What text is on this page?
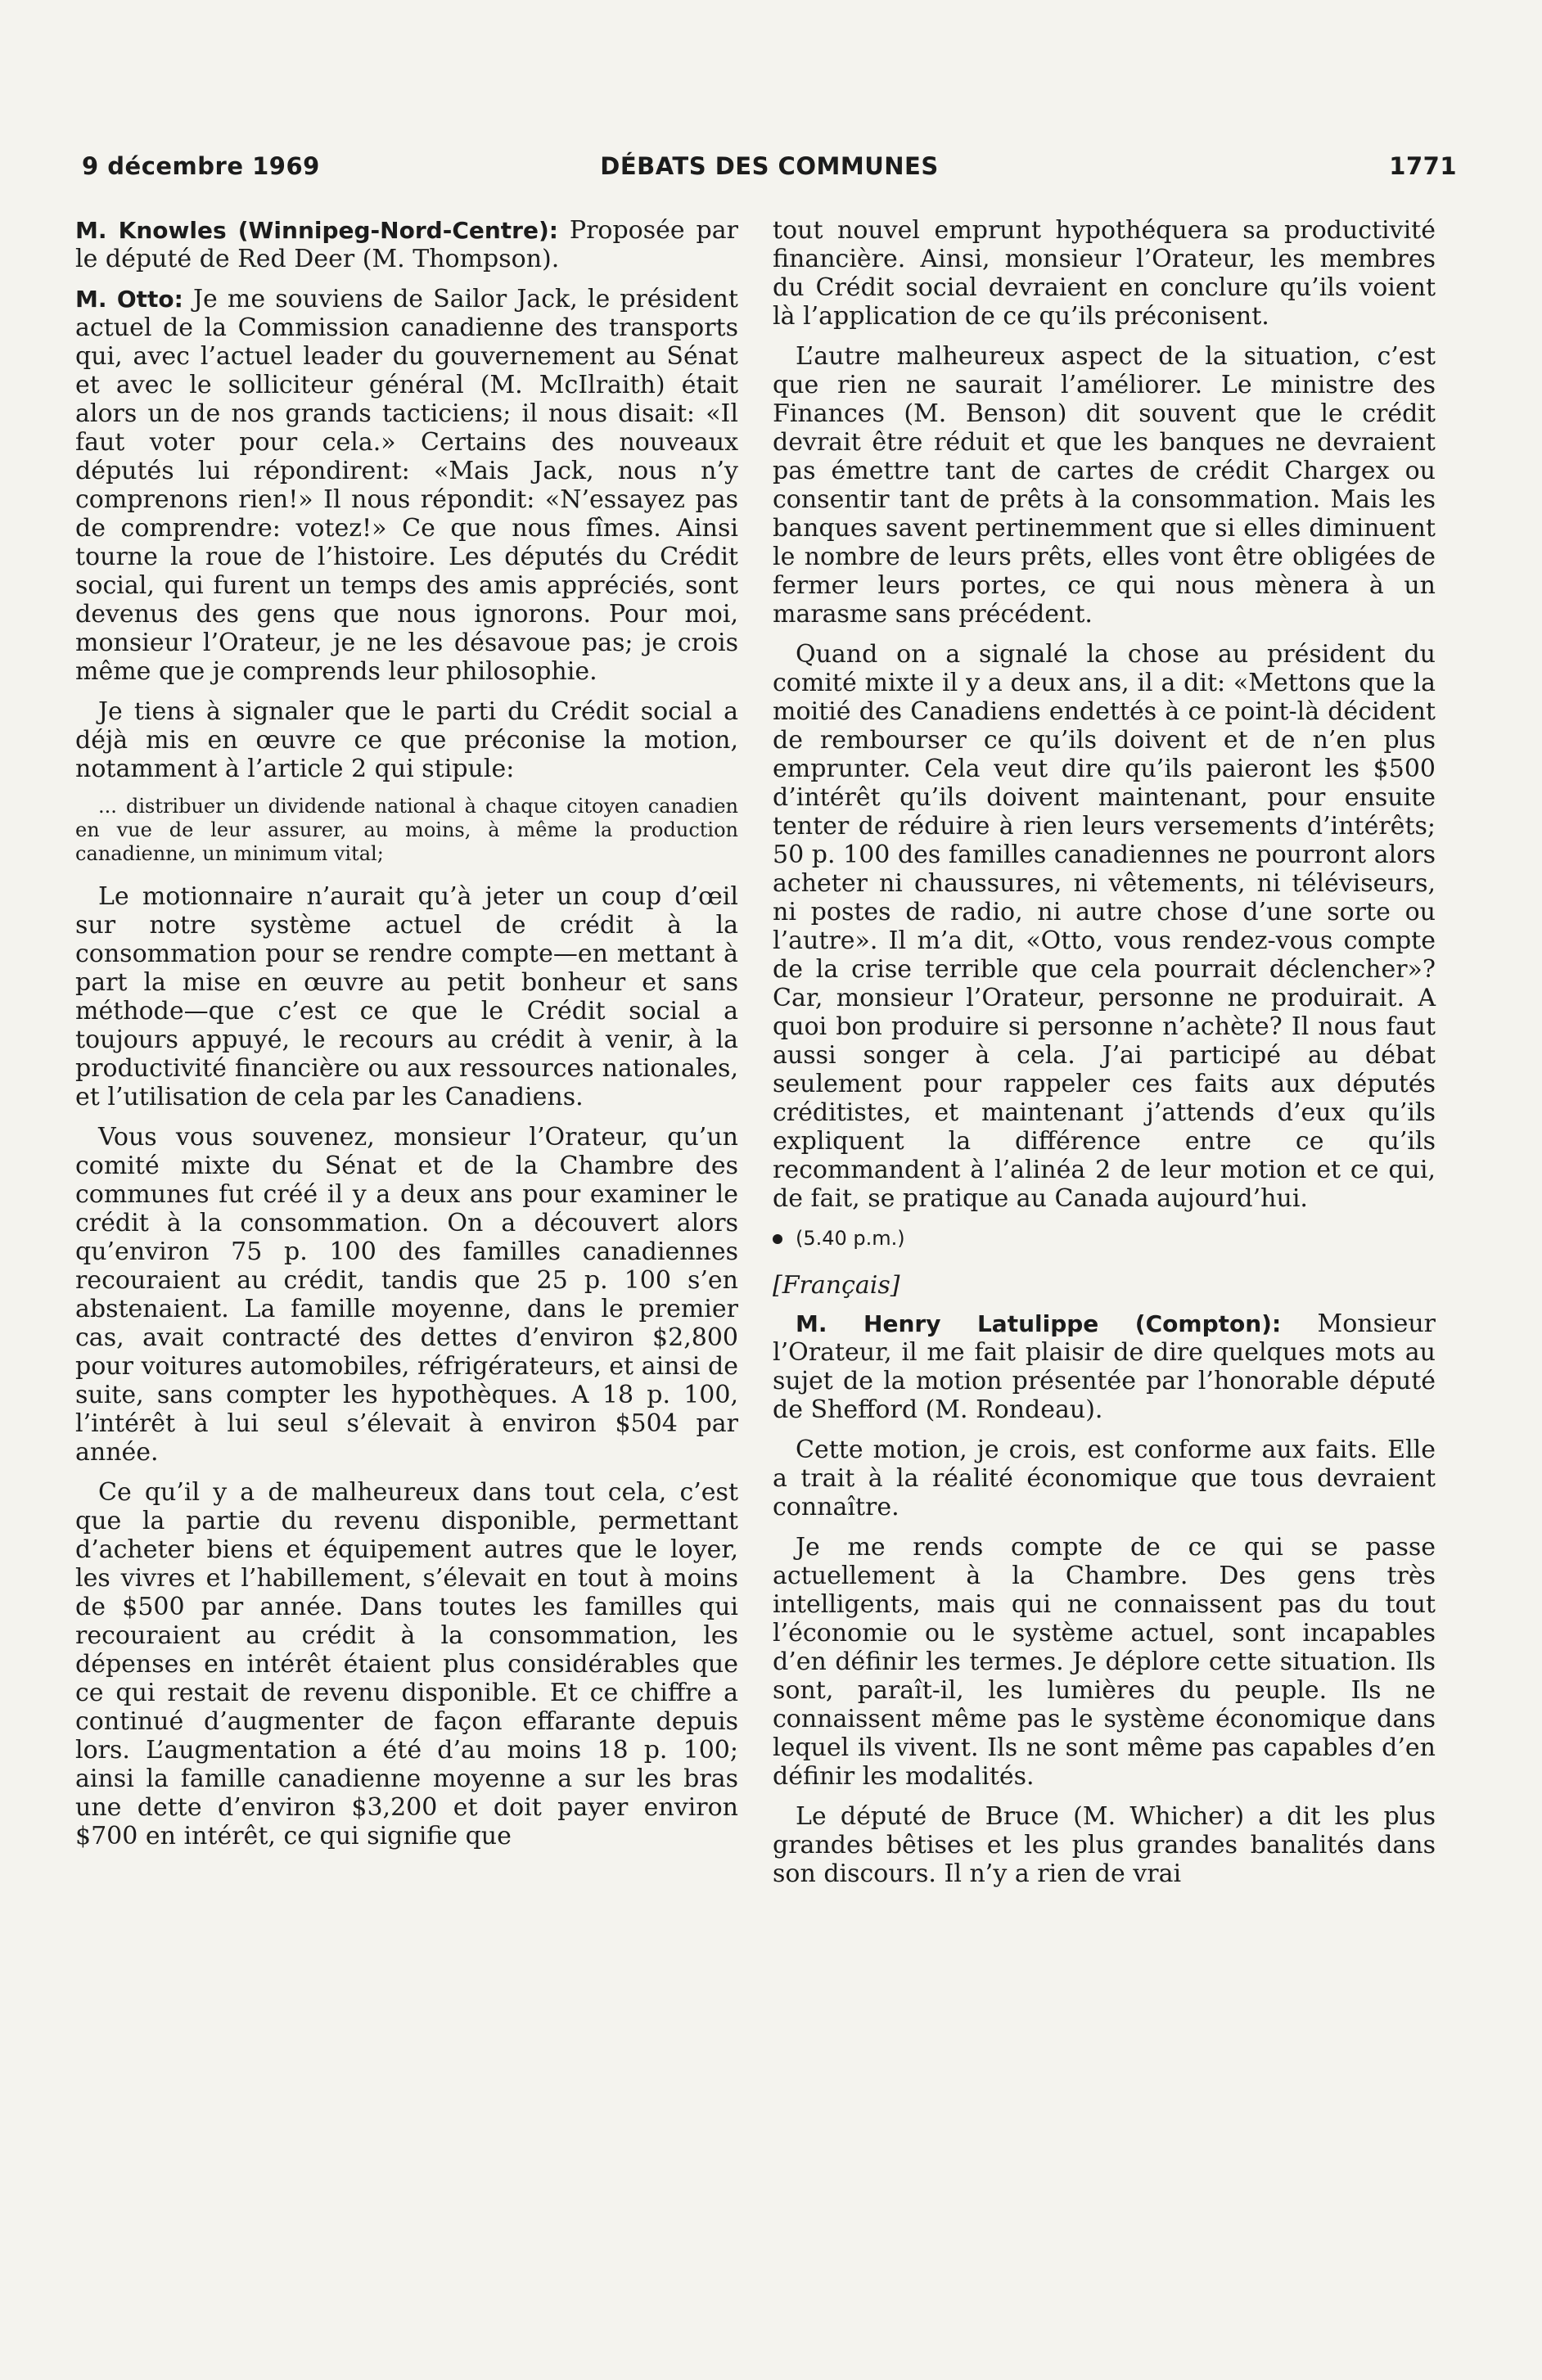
9 décembre 1969	DÉBATS DES COMMUNES	1771

M. Knowles (Winnipeg-Nord-Centre): Proposée par le député de Red Deer (M. Thompson).

M. Otto: Je me souviens de Sailor Jack, le président actuel de la Commission canadienne des transports qui, avec l’actuel leader du gouvernement au Sénat et avec le solliciteur général (M. McIlraith) était alors un de nos grands tacticiens; il nous disait: «Il faut voter pour cela.» Certains des nouveaux députés lui répondirent: «Mais Jack, nous n’y comprenons rien!» Il nous répondit: «N’essayez pas de comprendre: votez!» Ce que nous fîmes. Ainsi tourne la roue de l’histoire. Les députés du Crédit social, qui furent un temps des amis appréciés, sont devenus des gens que nous ignorons. Pour moi, monsieur l’Orateur, je ne les désavoue pas; je crois même que je comprends leur philosophie.

Je tiens à signaler que le parti du Crédit social a déjà mis en œuvre ce que préconise la motion, notamment à l’article 2 qui stipule:

... distribuer un dividende national à chaque citoyen canadien en vue de leur assurer, au moins, à même la production canadienne, un minimum vital;

Le motionnaire n’aurait qu’à jeter un coup d’œil sur notre système actuel de crédit à la consommation pour se rendre compte—en mettant à part la mise en œuvre au petit bonheur et sans méthode—que c’est ce que le Crédit social a toujours appuyé, le recours au crédit à venir, à la productivité financière ou aux ressources nationales, et l’utilisation de cela par les Canadiens.

Vous vous souvenez, monsieur l’Orateur, qu’un comité mixte du Sénat et de la Chambre des communes fut créé il y a deux ans pour examiner le crédit à la consommation. On a découvert alors qu’environ 75 p. 100 des familles canadiennes recouraient au crédit, tandis que 25 p. 100 s’en abstenaient. La famille moyenne, dans le premier cas, avait contracté des dettes d’environ $2,800 pour voitures automobiles, réfrigérateurs, et ainsi de suite, sans compter les hypothèques. A 18 p. 100, l’intérêt à lui seul s’élevait à environ $504 par année.

Ce qu’il y a de malheureux dans tout cela, c’est que la partie du revenu disponible, permettant d’acheter biens et équipement autres que le loyer, les vivres et l’habillement, s’élevait en tout à moins de $500 par année. Dans toutes les familles qui recouraient au crédit à la consommation, les dépenses en intérêt étaient plus considérables que ce qui restait de revenu disponible. Et ce chiffre a continué d’augmenter de façon effarante depuis lors. L’augmentation a été d’au moins 18 p. 100; ainsi la famille canadienne moyenne a sur les bras une dette d’environ $3,200 et doit payer environ $700 en intérêt, ce qui signifie que

tout nouvel emprunt hypothéquera sa productivité financière. Ainsi, monsieur l’Orateur, les membres du Crédit social devraient en conclure qu’ils voient là l’application de ce qu’ils préconisent.

L’autre malheureux aspect de la situation, c’est que rien ne saurait l’améliorer. Le ministre des Finances (M. Benson) dit souvent que le crédit devrait être réduit et que les banques ne devraient pas émettre tant de cartes de crédit Chargex ou consentir tant de prêts à la consommation. Mais les banques savent pertinemment que si elles diminuent le nombre de leurs prêts, elles vont être obligées de fermer leurs portes, ce qui nous mènera à un marasme sans précédent.

Quand on a signalé la chose au président du comité mixte il y a deux ans, il a dit: «Mettons que la moitié des Canadiens endettés à ce point-là décident de rembourser ce qu’ils doivent et de n’en plus emprunter. Cela veut dire qu’ils paieront les $500 d’intérêt qu’ils doivent maintenant, pour ensuite tenter de réduire à rien leurs versements d’intérêts; 50 p. 100 des familles canadiennes ne pourront alors acheter ni chaussures, ni vêtements, ni téléviseurs, ni postes de radio, ni autre chose d’une sorte ou l’autre». Il m’a dit, «Otto, vous rendez-vous compte de la crise terrible que cela pourrait déclencher»? Car, monsieur l’Orateur, personne ne produirait. A quoi bon produire si personne n’achète? Il nous faut aussi songer à cela. J’ai participé au débat seulement pour rappeler ces faits aux députés créditistes, et maintenant j’attends d’eux qu’ils expliquent la différence entre ce qu’ils recommandent à l’alinéa 2 de leur motion et ce qui, de fait, se pratique au Canada aujourd’hui.

(5.40 p.m.)

[Français]

M. Henry Latulippe (Compton): Monsieur l’Orateur, il me fait plaisir de dire quelques mots au sujet de la motion présentée par l’honorable député de Shefford (M. Rondeau).

Cette motion, je crois, est conforme aux faits. Elle a trait à la réalité économique que tous devraient connaître.

Je me rends compte de ce qui se passe actuellement à la Chambre. Des gens très intelligents, mais qui ne connaissent pas du tout l’économie ou le système actuel, sont incapables d’en définir les termes. Je déplore cette situation. Ils sont, paraît-il, les lumières du peuple. Ils ne connaissent même pas le système économique dans lequel ils vivent. Ils ne sont même pas capables d’en définir les modalités.

Le député de Bruce (M. Whicher) a dit les plus grandes bêtises et les plus grandes banalités dans son discours. Il n’y a rien de vrai
